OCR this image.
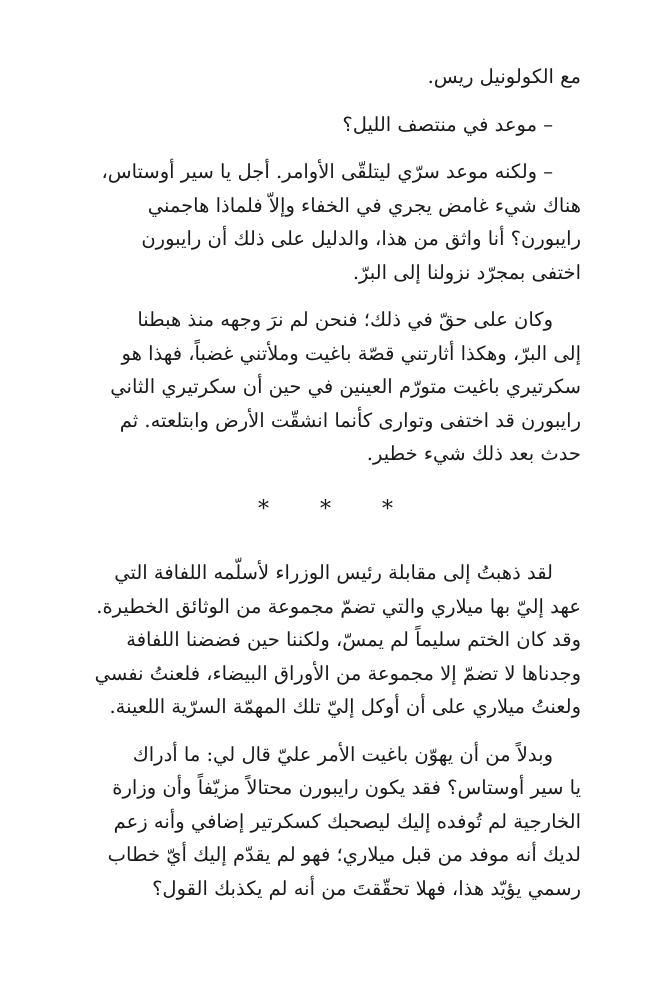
مع الكولونيل ريس.

– موعد في منتصف الليل؟

– ولكنه موعد سرّي ليتلقّى الأوامر. أجل يا سير أوستاس،
هناك شيء غامض يجري في الخفاء وإلاّ فلماذا هاجمني
رايبورن؟ أنا واثق من هذا، والدليل على ذلك أن رايبورن
اختفى بمجرّد نزولنا إلى البرّ.

وكان على حقّ في ذلك؛ فنحن لم نرَ وجهه منذ هبطنا
إلى البرّ، وهكذا أثارتني قصّة باغيت وملأتني غضباً، فهذا هو
سكرتيري باغيت متورّم العينين في حين أن سكرتيري الثاني
رايبورن قد اختفى وتوارى كأنما انشقّت الأرض وابتلعته. ثم
حدث بعد ذلك شيء خطير.

* * *

لقد ذهبتُ إلى مقابلة رئيس الوزراء لأسلّمه اللفافة التي
عهد إليّ بها ميلاري والتي تضمّ مجموعة من الوثائق الخطيرة.
وقد كان الختم سليماً لم يمسّ، ولكننا حين فضضنا اللفافة
وجدناها لا تضمّ إلا مجموعة من الأوراق البيضاء، فلعنتُ نفسي
ولعنتُ ميلاري على أن أوكل إليّ تلك المهمّة السرّية اللعينة.

وبدلاً من أن يهوّن باغيت الأمر عليّ قال لي: ما أدراك
يا سير أوستاس؟ فقد يكون رايبورن محتالاً مزيّفاً وأن وزارة
الخارجية لم تُوفده إليك ليصحبك كسكرتير إضافي وأنه زعم
لديك أنه موفد من قبل ميلاري؛ فهو لم يقدّم إليك أيّ خطاب
رسمي يؤيّد هذا، فهلا تحقّقتَ من أنه لم يكذبك القول؟
